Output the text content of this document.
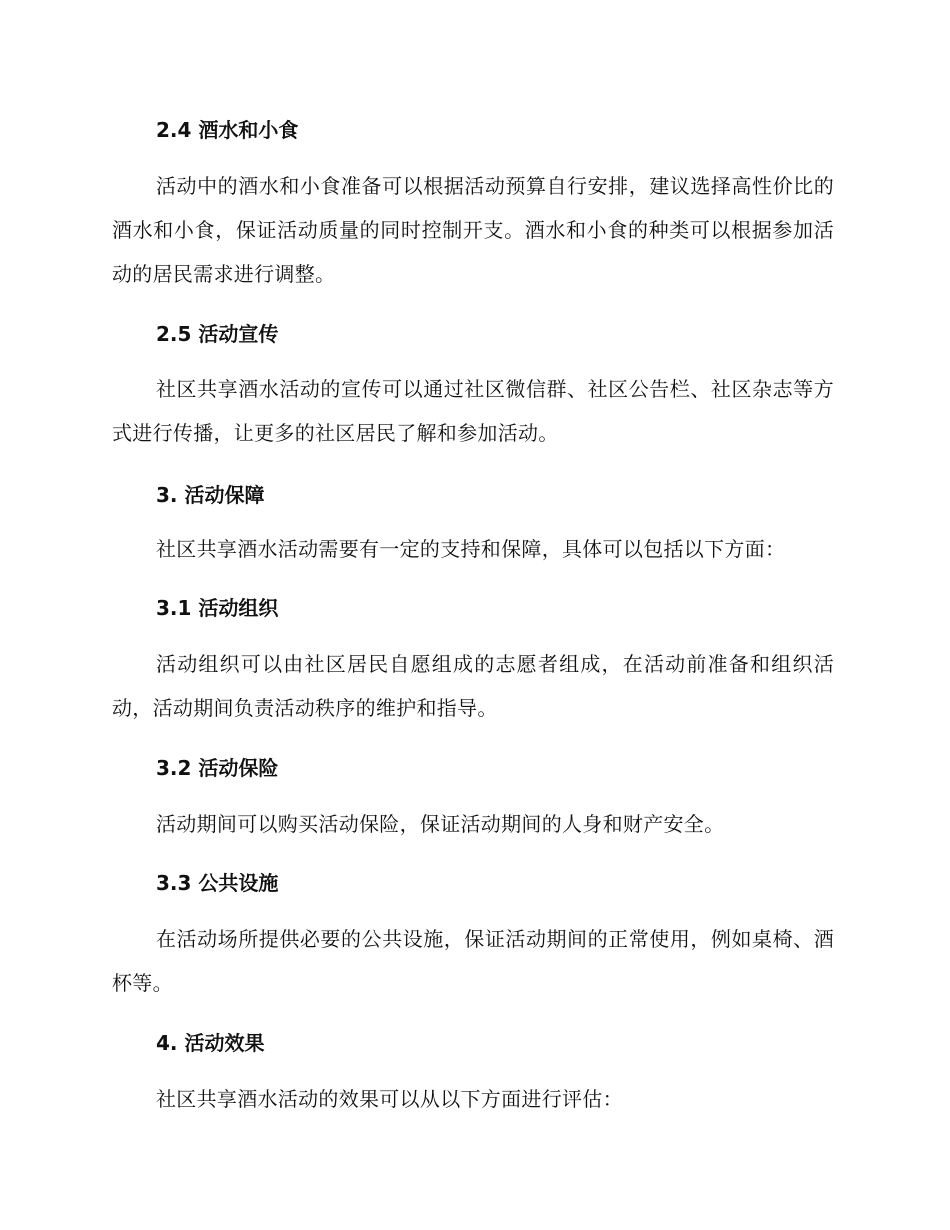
2.4 酒水和小食
活动中的酒水和小食准备可以根据活动预算自行安排，建议选择高性价比的酒水和小食，保证活动质量的同时控制开支。酒水和小食的种类可以根据参加活动的居民需求进行调整。
2.5 活动宣传
社区共享酒水活动的宣传可以通过社区微信群、社区公告栏、社区杂志等方式进行传播，让更多的社区居民了解和参加活动。
3. 活动保障
社区共享酒水活动需要有一定的支持和保障，具体可以包括以下方面：
3.1 活动组织
活动组织可以由社区居民自愿组成的志愿者组成，在活动前准备和组织活动，活动期间负责活动秩序的维护和指导。
3.2 活动保险
活动期间可以购买活动保险，保证活动期间的人身和财产安全。
3.3 公共设施
在活动场所提供必要的公共设施，保证活动期间的正常使用，例如桌椅、酒杯等。
4. 活动效果
社区共享酒水活动的效果可以从以下方面进行评估：
